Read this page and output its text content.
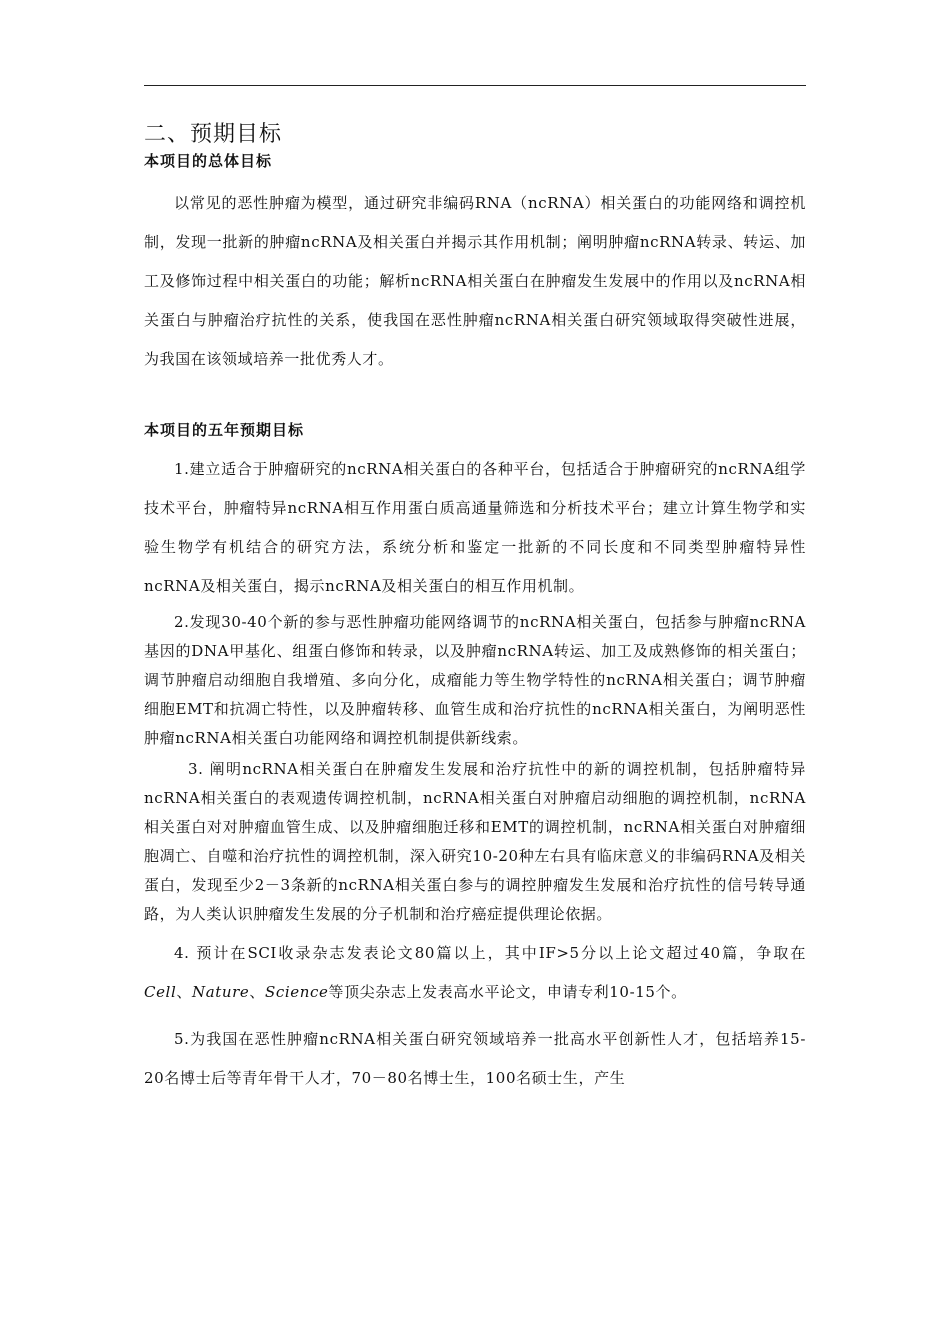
二、预期目标
本项目的总体目标

以常见的恶性肿瘤为模型，通过研究非编码RNA（ncRNA）相关蛋白的功能网络和调控机制，发现一批新的肿瘤ncRNA及相关蛋白并揭示其作用机制；阐明肿瘤ncRNA转录、转运、加工及修饰过程中相关蛋白的功能；解析ncRNA相关蛋白在肿瘤发生发展中的作用以及ncRNA相关蛋白与肿瘤治疗抗性的关系，使我国在恶性肿瘤ncRNA相关蛋白研究领域取得突破性进展，为我国在该领域培养一批优秀人才。

本项目的五年预期目标

1.建立适合于肿瘤研究的ncRNA相关蛋白的各种平台，包括适合于肿瘤研究的ncRNA组学技术平台，肿瘤特异ncRNA相互作用蛋白质高通量筛选和分析技术平台；建立计算生物学和实验生物学有机结合的研究方法，系统分析和鉴定一批新的不同长度和不同类型肿瘤特异性ncRNA及相关蛋白，揭示ncRNA及相关蛋白的相互作用机制。

2.发现30-40个新的参与恶性肿瘤功能网络调节的ncRNA相关蛋白，包括参与肿瘤ncRNA基因的DNA甲基化、组蛋白修饰和转录，以及肿瘤ncRNA转运、加工及成熟修饰的相关蛋白；调节肿瘤启动细胞自我增殖、多向分化，成瘤能力等生物学特性的ncRNA相关蛋白；调节肿瘤细胞EMT和抗凋亡特性，以及肿瘤转移、血管生成和治疗抗性的ncRNA相关蛋白，为阐明恶性肿瘤ncRNA相关蛋白功能网络和调控机制提供新线索。

3. 阐明ncRNA相关蛋白在肿瘤发生发展和治疗抗性中的新的调控机制，包括肿瘤特异ncRNA相关蛋白的表观遗传调控机制，ncRNA相关蛋白对肿瘤启动细胞的调控机制，ncRNA相关蛋白对对肿瘤血管生成、以及肿瘤细胞迁移和EMT的调控机制，ncRNA相关蛋白对肿瘤细胞凋亡、自噬和治疗抗性的调控机制，深入研究10-20种左右具有临床意义的非编码RNA及相关蛋白，发现至少2－3条新的ncRNA相关蛋白参与的调控肿瘤发生发展和治疗抗性的信号转导通路，为人类认识肿瘤发生发展的分子机制和治疗癌症提供理论依据。

4. 预计在SCI收录杂志发表论文80篇以上，其中IF>5分以上论文超过40篇，争取在Cell、Nature、Science等顶尖杂志上发表高水平论文，申请专利10-15个。

5.为我国在恶性肿瘤ncRNA相关蛋白研究领域培养一批高水平创新性人才，包括培养15-20名博士后等青年骨干人才，70－80名博士生，100名硕士生，产生
